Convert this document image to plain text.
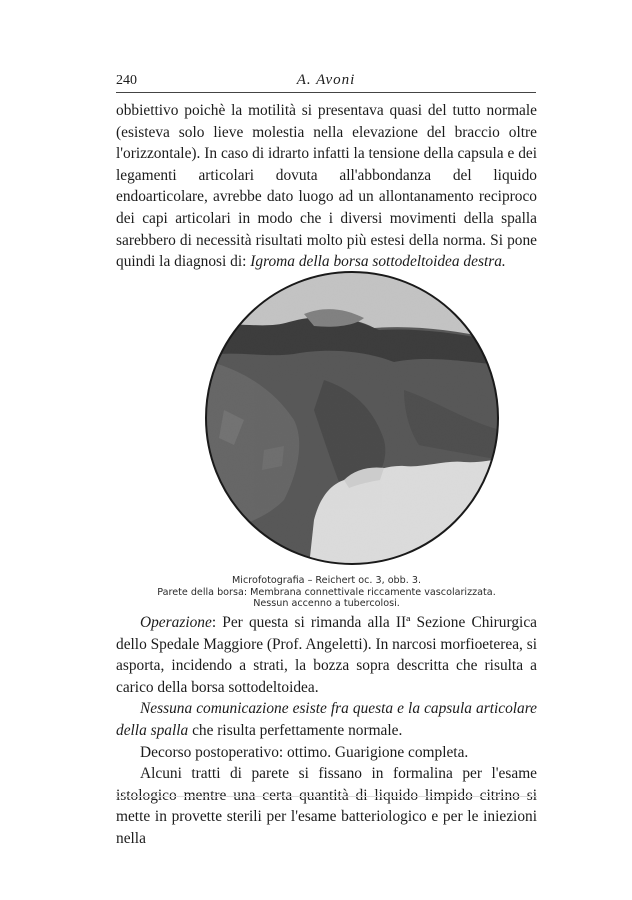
240	A. Avoni
obbiettivo poichè la motilità si presentava quasi del tutto normale (esisteva solo lieve molestia nella elevazione del braccio oltre l'orizzontale). In caso di idrarto infatti la tensione della capsula e dei legamenti articolari dovuta all'abbondanza del liquido endoarticolare, avrebbe dato luogo ad un allontanamento reciproco dei capi articolari in modo che i diversi movimenti della spalla sarebbero di necessità risultati molto più estesi della norma. Si pone quindi la diagnosi di: Igroma della borsa sottodeltoidea destra.
Microfotografia – Reichert oc. 3, obb. 3.
Parete della borsa: Membrana connettivale riccamente vascolarizzata.
Nessun accenno a tubercolosi.
Operazione: Per questa si rimanda alla IIª Sezione Chirurgica dello Spedale Maggiore (Prof. Angeletti). In narcosi morfioeterea, si asporta, incidendo a strati, la bozza sopra descritta che risulta a carico della borsa sottodeltoidea.
Nessuna comunicazione esiste fra questa e la capsula articolare della spalla che risulta perfettamente normale.
Decorso postoperativo: ottimo. Guarigione completa.
Alcuni tratti di parete si fissano in formalina per l'esame istologico mentre una certa quantità di liquido limpido citrino si mette in provette sterili per l'esame batteriologico e per le iniezioni nella
